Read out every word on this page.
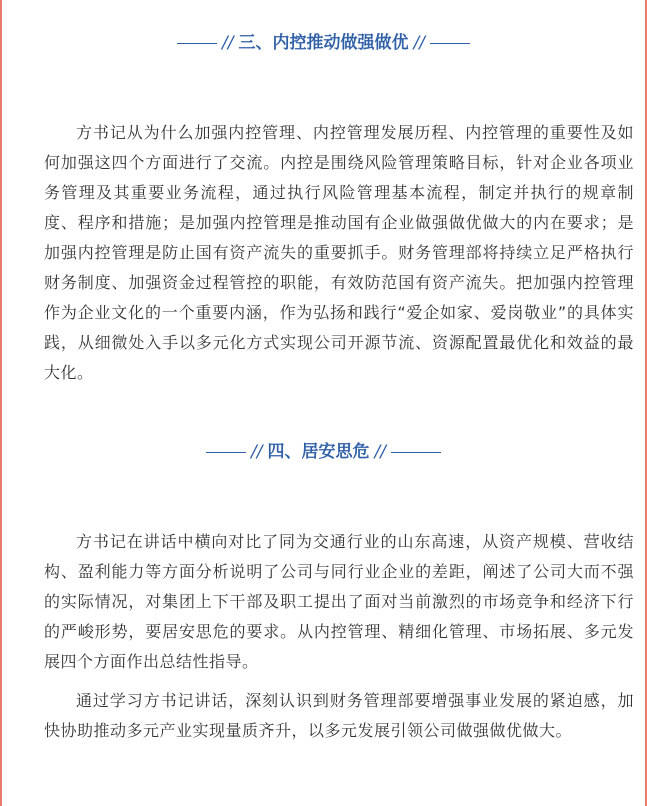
// 三、内控推动做强做优 //

方书记从为什么加强内控管理、内控管理发展历程、内控管理的重要性及如何加强这四个方面进行了交流。内控是围绕风险管理策略目标，针对企业各项业务管理及其重要业务流程，通过执行风险管理基本流程，制定并执行的规章制度、程序和措施；是加强内控管理是推动国有企业做强做优做大的内在要求；是加强内控管理是防止国有资产流失的重要抓手。财务管理部将持续立足严格执行财务制度、加强资金过程管控的职能，有效防范国有资产流失。把加强内控管理作为企业文化的一个重要内涵，作为弘扬和践行“爱企如家、爱岗敬业”的具体实践，从细微处入手以多元化方式实现公司开源节流、资源配置最优化和效益的最大化。

// 四、居安思危 //

方书记在讲话中横向对比了同为交通行业的山东高速，从资产规模、营收结构、盈利能力等方面分析说明了公司与同行业企业的差距，阐述了公司大而不强的实际情况，对集团上下干部及职工提出了面对当前激烈的市场竞争和经济下行的严峻形势，要居安思危的要求。从内控管理、精细化管理、市场拓展、多元发展四个方面作出总结性指导。

通过学习方书记讲话，深刻认识到财务管理部要增强事业发展的紧迫感，加快协助推动多元产业实现量质齐升，以多元发展引领公司做强做优做大。
